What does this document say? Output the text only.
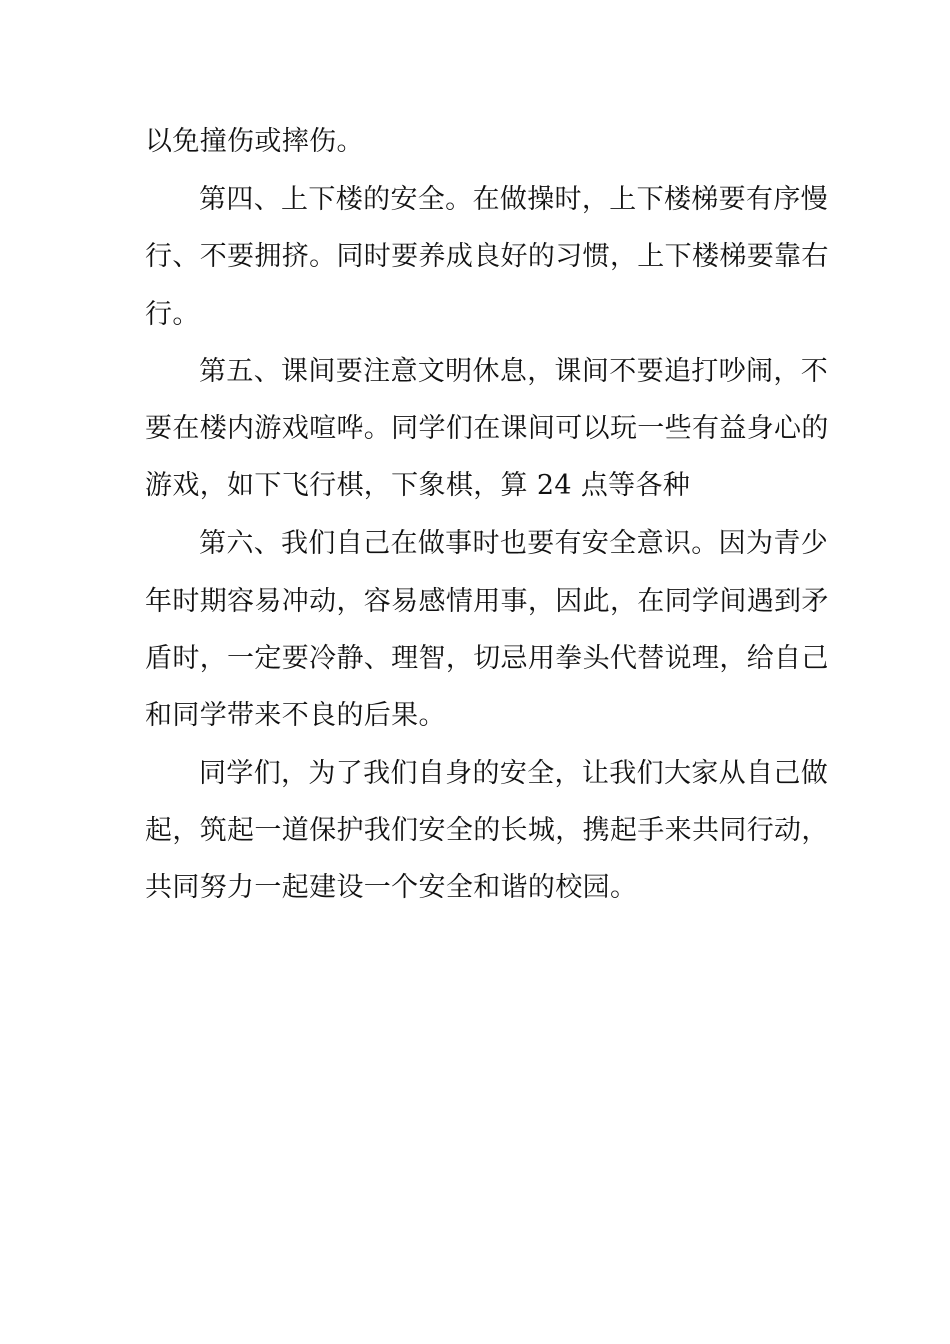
以免撞伤或摔伤。

第四、上下楼的安全。在做操时，上下楼梯要有序慢

行、不要拥挤。同时要养成良好的习惯，上下楼梯要靠右

行。

第五、课间要注意文明休息，课间不要追打吵闹，不

要在楼内游戏喧哗。同学们在课间可以玩一些有益身心的

游戏，如下飞行棋，下象棋，算 24 点等各种

第六、我们自己在做事时也要有安全意识。因为青少

年时期容易冲动，容易感情用事，因此，在同学间遇到矛

盾时，一定要冷静、理智，切忌用拳头代替说理，给自己

和同学带来不良的后果。

同学们，为了我们自身的安全，让我们大家从自己做

起，筑起一道保护我们安全的长城，携起手来共同行动，

共同努力一起建设一个安全和谐的校园。
